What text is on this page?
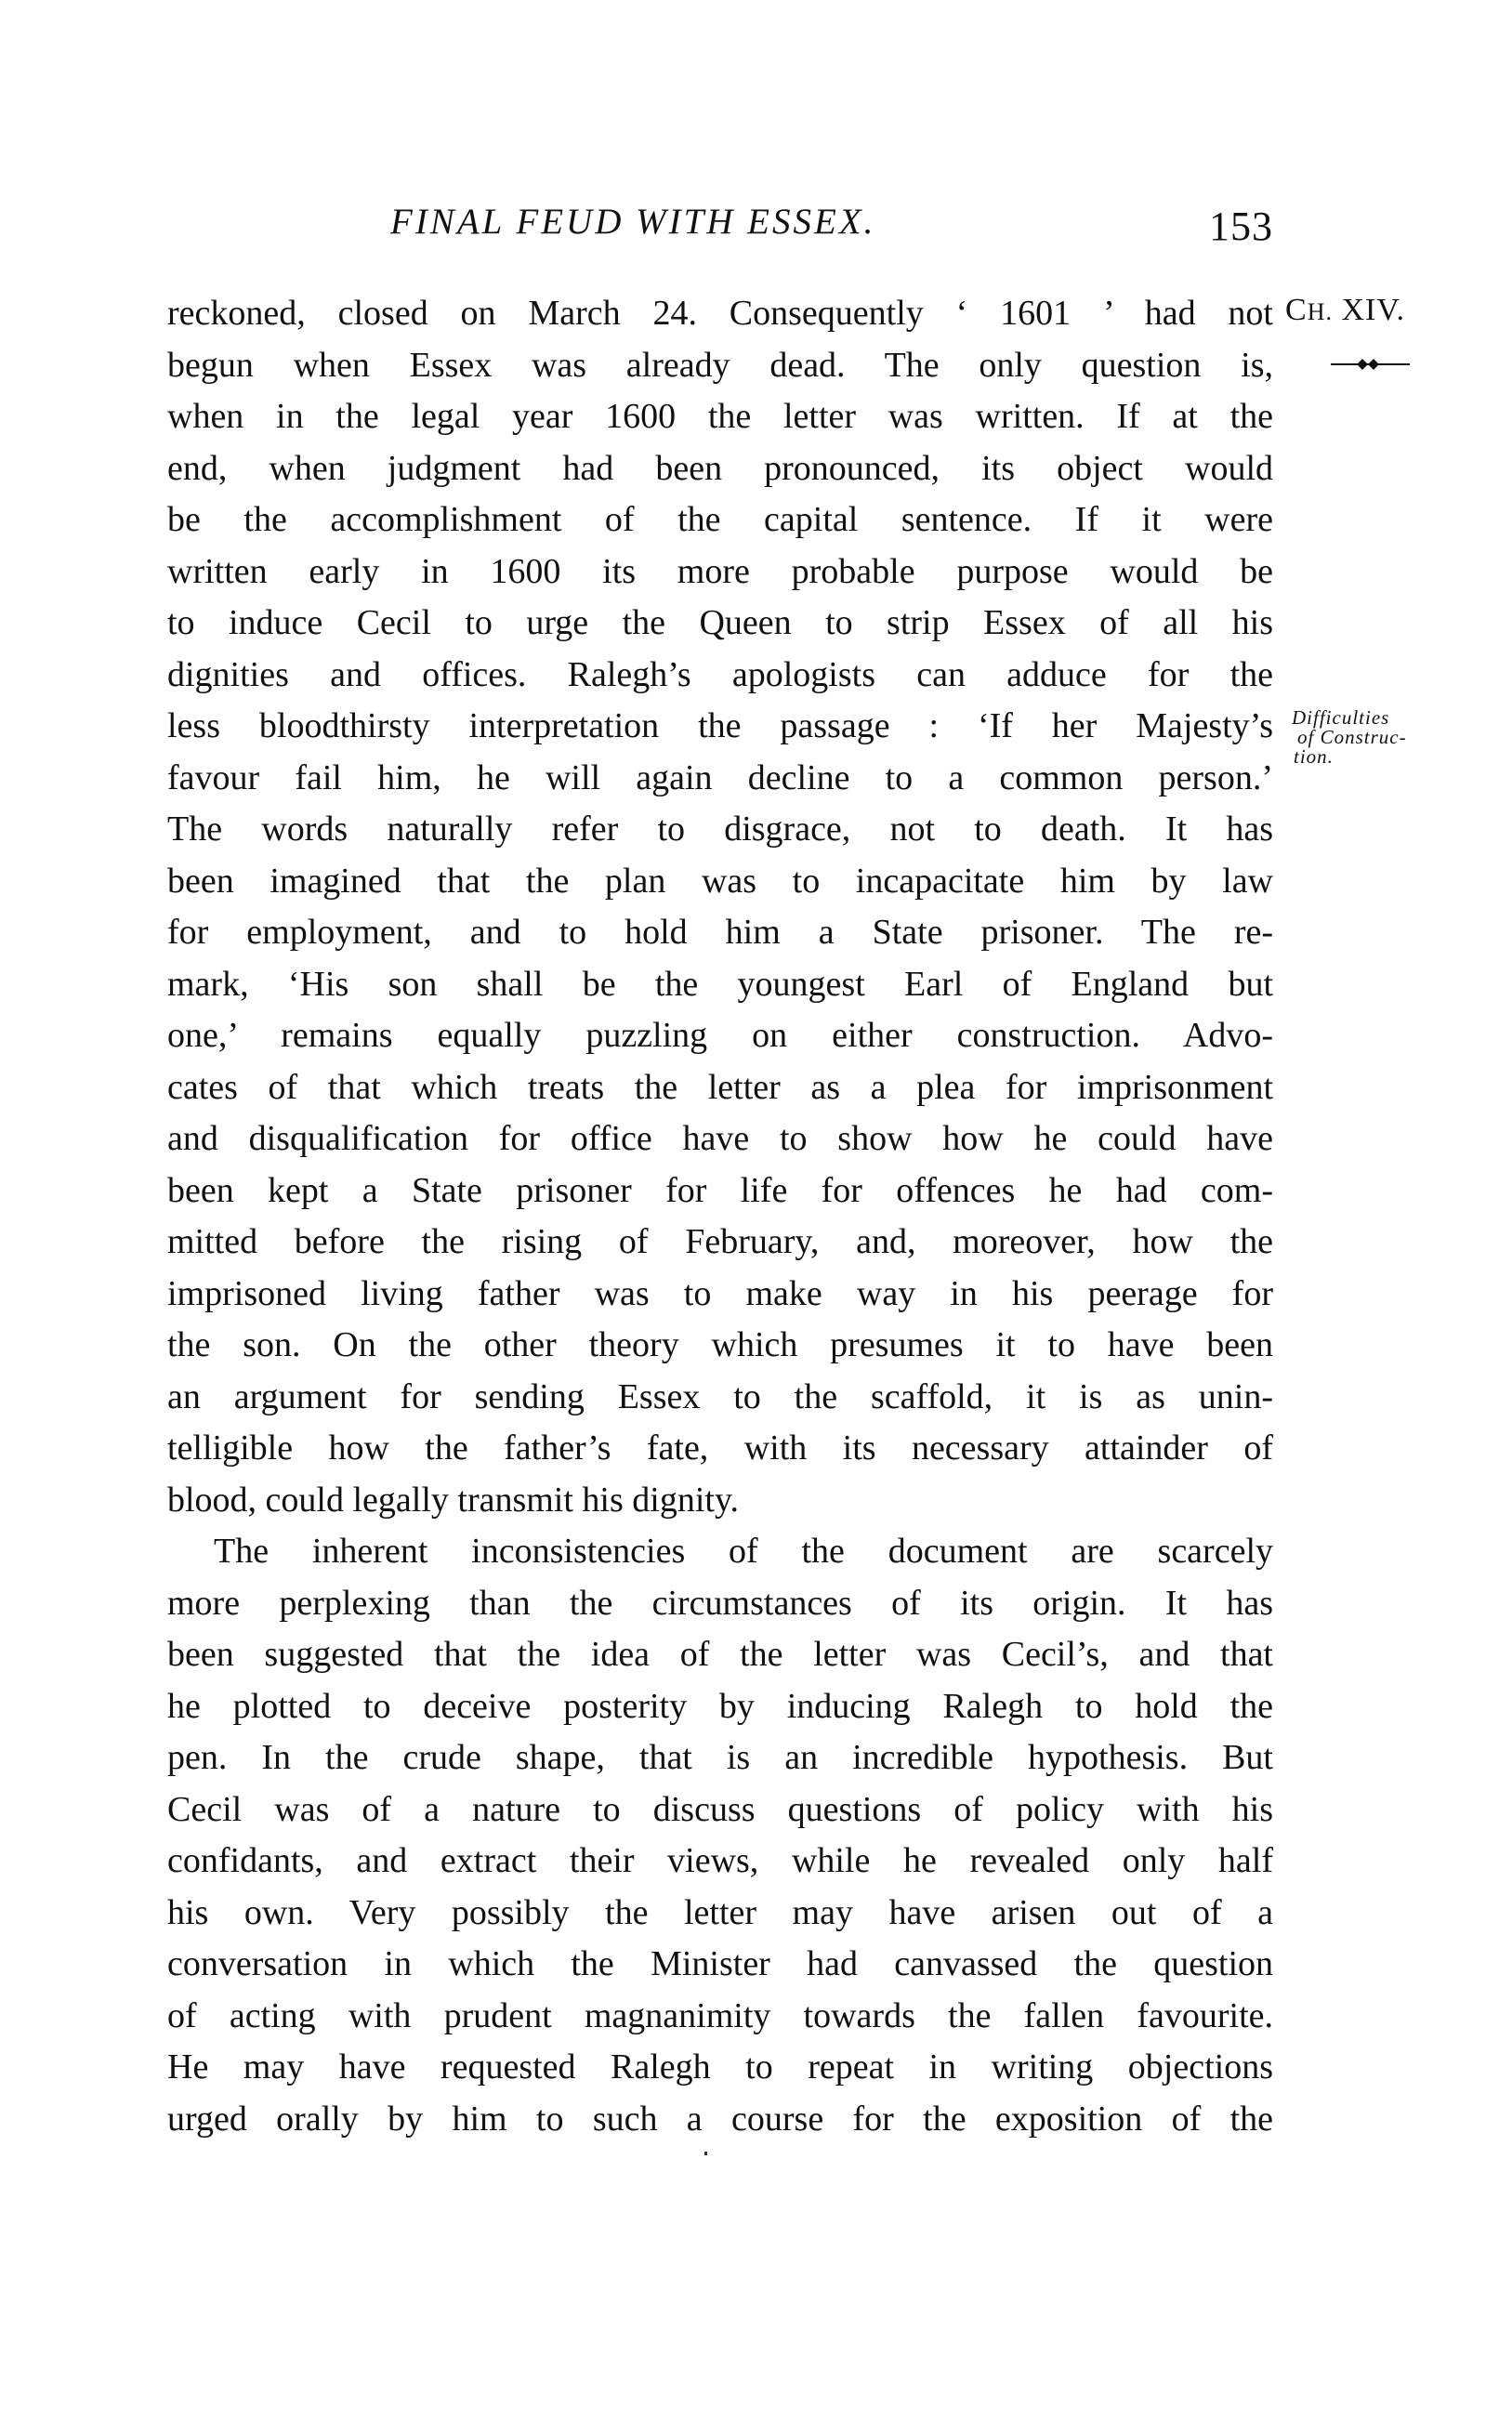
FINAL FEUD WITH ESSEX.	153
CH. XIV.
Difficulties
of Construc-
tion.
reckoned, closed on March 24. Consequently ‘ 1601 ’ had not
begun when Essex was already dead. The only question is,
when in the legal year 1600 the letter was written. If at the
end, when judgment had been pronounced, its object would
be the accomplishment of the capital sentence. If it were
written early in 1600 its more probable purpose would be
to induce Cecil to urge the Queen to strip Essex of all his
dignities and offices. Ralegh’s apologists can adduce for the
less bloodthirsty interpretation the passage : ‘If her Majesty’s
favour fail him, he will again decline to a common person.’
The words naturally refer to disgrace, not to death. It has
been imagined that the plan was to incapacitate him by law
for employment, and to hold him a State prisoner. The re-
mark, ‘His son shall be the youngest Earl of England but
one,’ remains equally puzzling on either construction. Advo-
cates of that which treats the letter as a plea for imprisonment
and disqualification for office have to show how he could have
been kept a State prisoner for life for offences he had com-
mitted before the rising of February, and, moreover, how the
imprisoned living father was to make way in his peerage for
the son. On the other theory which presumes it to have been
an argument for sending Essex to the scaffold, it is as unin-
telligible how the father’s fate, with its necessary attainder of
blood, could legally transmit his dignity.
The inherent inconsistencies of the document are scarcely
more perplexing than the circumstances of its origin. It has
been suggested that the idea of the letter was Cecil’s, and that
he plotted to deceive posterity by inducing Ralegh to hold the
pen. In the crude shape, that is an incredible hypothesis. But
Cecil was of a nature to discuss questions of policy with his
confidants, and extract their views, while he revealed only half
his own. Very possibly the letter may have arisen out of a
conversation in which the Minister had canvassed the question
of acting with prudent magnanimity towards the fallen favourite.
He may have requested Ralegh to repeat in writing objections
urged orally by him to such a course for the exposition of the
